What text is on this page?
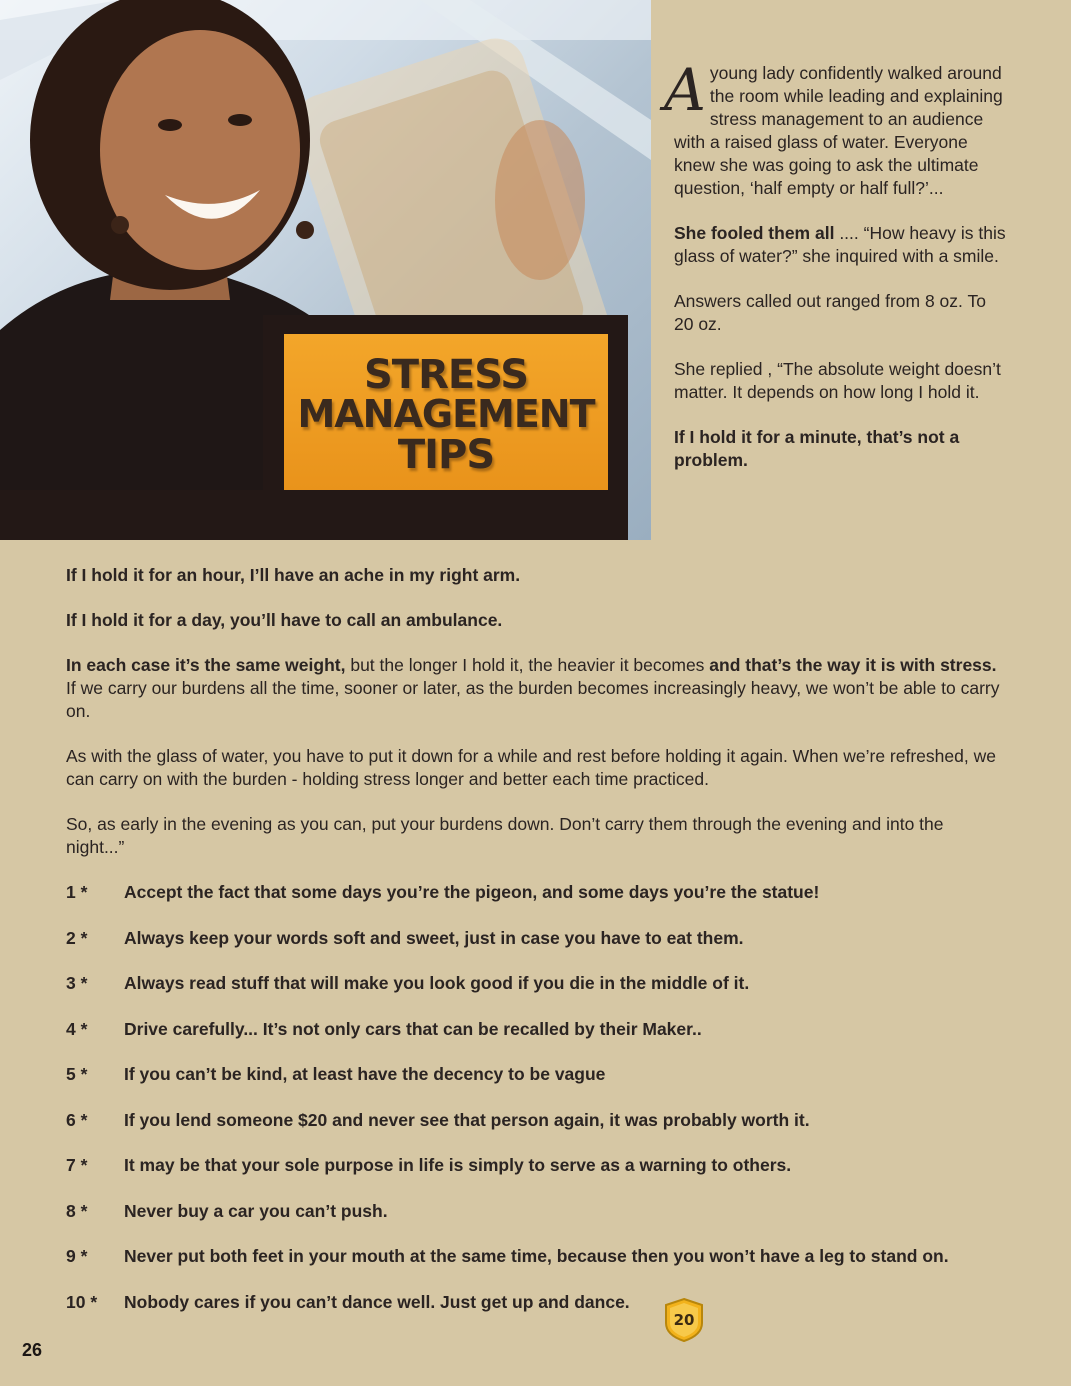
STRESS
MANAGEMENT
TIPS

Ayoung lady confidently walked around the room while leading and explaining stress management to an audience with a raised glass of water. Everyone knew she was going to ask the ultimate question, ‘half empty or half full?’...

She fooled them all .... “How heavy is this glass of water?” she inquired with a smile.

Answers called out ranged from 8 oz. To 20 oz.

She replied , “The absolute weight doesn’t matter. It depends on how long I hold it.

If I hold it for a minute, that’s not a problem.

If I hold it for an hour, I’ll have an ache in my right arm.

If I hold it for a day, you’ll have to call an ambulance.

In each case it’s the same weight, but the longer I hold it, the heavier it becomes and that’s the way it is with stress. If we carry our burdens all the time, sooner or later, as the burden becomes increasingly heavy, we won’t be able to carry on.

As with the glass of water, you have to put it down for a while and rest before holding it again. When we’re refreshed, we can carry on with the burden - holding stress longer and better each time practiced.

So, as early in the evening as you can, put your burdens down. Don’t carry them through the evening and into the night...”

1 *	Accept the fact that some days you’re the pigeon, and some days you’re the statue!
2 *	Always keep your words soft and sweet, just in case you have to eat them.
3 *	Always read stuff that will make you look good if you die in the middle of it.
4 *	Drive carefully... It’s not only cars that can be recalled by their Maker..
5 *	If you can’t be kind, at least have the decency to be vague
6 *	If you lend someone $20 and never see that person again, it was probably worth it.
7 *	It may be that your sole purpose in life is simply to serve as a warning to others.
8 *	Never buy a car you can’t push.
9 *	Never put both feet in your mouth at the same time, because then you won’t have a leg to stand on.
10 *	Nobody cares if you can’t dance well. Just get up and dance.
20
26
